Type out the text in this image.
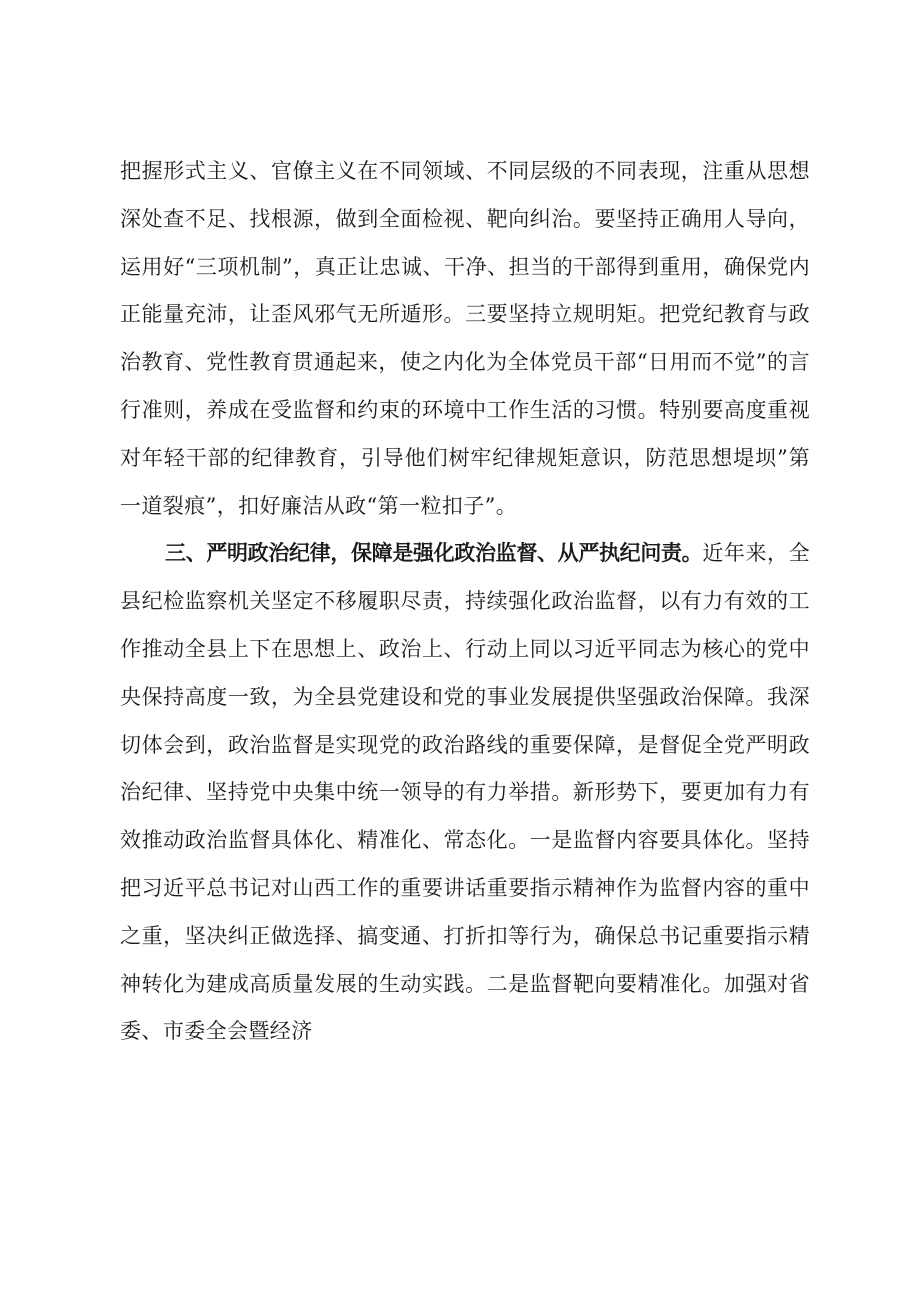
把握形式主义、官僚主义在不同领域、不同层级的不同表现，注重从思想深处查不足、找根源，做到全面检视、靶向纠治。要坚持正确用人导向，运用好“三项机制”，真正让忠诚、干净、担当的干部得到重用，确保党内正能量充沛，让歪风邪气无所遁形。三要坚持立规明矩。把党纪教育与政治教育、党性教育贯通起来，使之内化为全体党员干部“日用而不觉”的言行准则，养成在受监督和约束的环境中工作生活的习惯。特别要高度重视对年轻干部的纪律教育，引导他们树牢纪律规矩意识，防范思想堤坝”第一道裂痕”，扣好廉洁从政“第一粒扣子”。

三、严明政治纪律，保障是强化政治监督、从严执纪问责。近年来，全县纪检监察机关坚定不移履职尽责，持续强化政治监督，以有力有效的工作推动全县上下在思想上、政治上、行动上同以习近平同志为核心的党中央保持高度一致，为全县党建设和党的事业发展提供坚强政治保障。我深切体会到，政治监督是实现党的政治路线的重要保障，是督促全党严明政治纪律、坚持党中央集中统一领导的有力举措。新形势下，要更加有力有效推动政治监督具体化、精准化、常态化。一是监督内容要具体化。坚持把习近平总书记对山西工作的重要讲话重要指示精神作为监督内容的重中之重，坚决纠正做选择、搞变通、打折扣等行为，确保总书记重要指示精神转化为建成高质量发展的生动实践。二是监督靶向要精准化。加强对省委、市委全会暨经济
